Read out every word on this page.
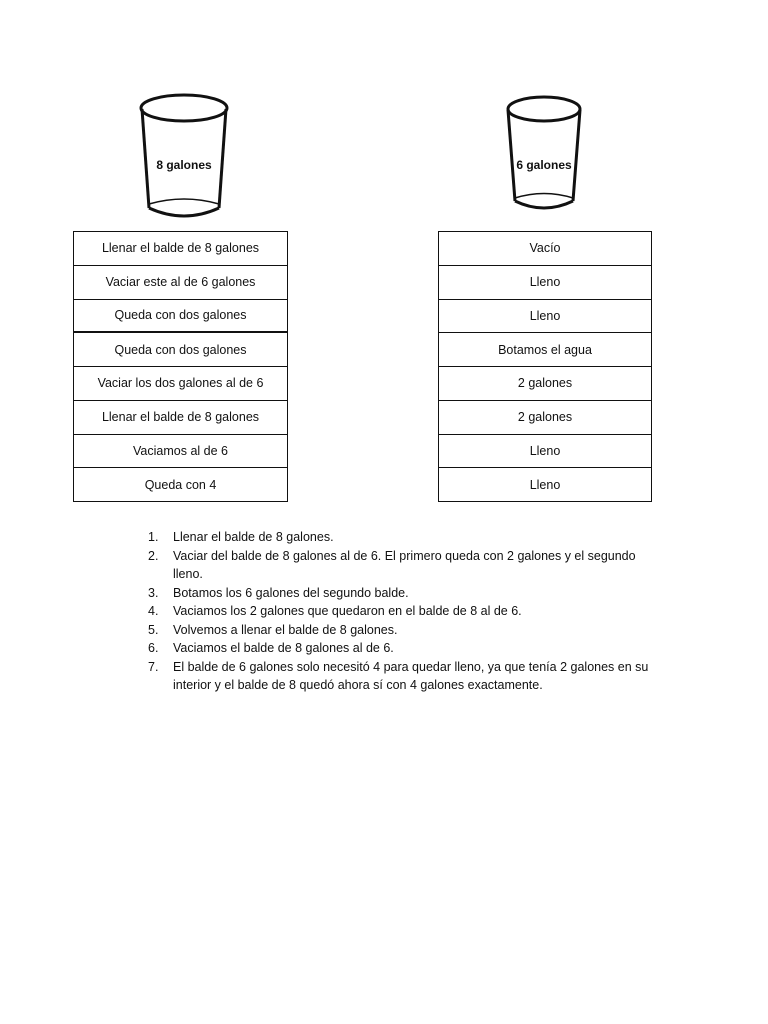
8 galones	6 galones
Llenar el balde de 8 galones
Vaciar este al de 6 galones
Queda con dos galones
Queda con dos galones
Vaciar los dos galones al de 6
Llenar el balde de 8 galones
Vaciamos al de 6
Queda con 4
Vacío
Lleno
Lleno
Botamos el agua
2 galones
2 galones
Lleno
Lleno
1. Llenar el balde de 8 galones.
2. Vaciar del balde de 8 galones al de 6. El primero queda con 2 galones y el segundo lleno.
3. Botamos los 6 galones del segundo balde.
4. Vaciamos los 2 galones que quedaron en el balde de 8 al de 6.
5. Volvemos a llenar el balde de 8 galones.
6. Vaciamos el balde de 8 galones al de 6.
7. El balde de 6 galones solo necesitó 4 para quedar lleno, ya que tenía 2 galones en su interior y el balde de 8 quedó ahora sí con 4 galones exactamente.
